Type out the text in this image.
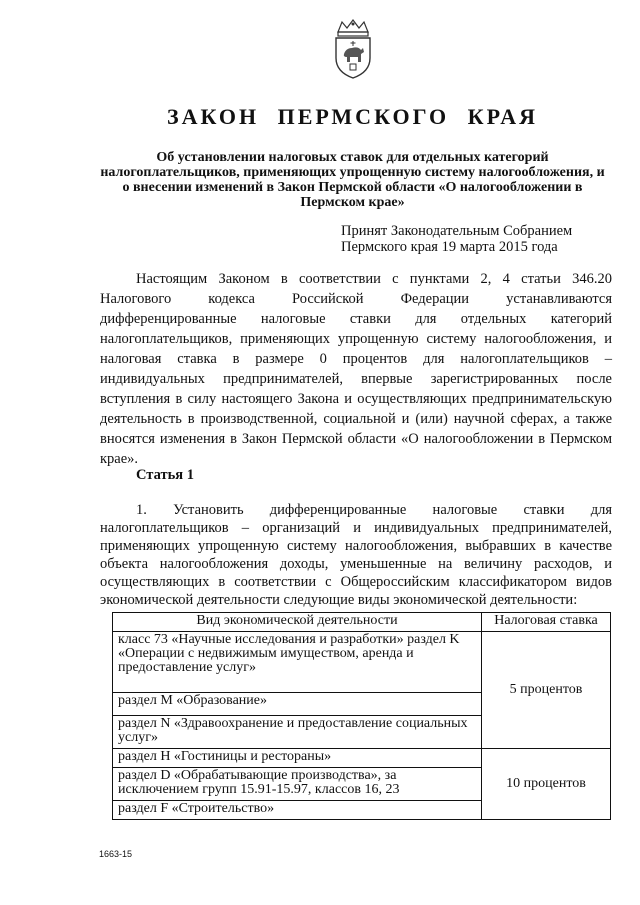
ЗАКОН ПЕРМСКОГО КРАЯ
Об установлении налоговых ставок для отдельных категорий налогоплательщиков, применяющих упрощенную систему налогообложения, и о внесении изменений в Закон Пермской области «О налогообложении в Пермском крае»
Принят Законодательным Собранием
Пермского края 19 марта 2015 года
Настоящим Законом в соответствии с пунктами 2, 4 статьи 346.20 Налогового кодекса Российской Федерации устанавливаются дифференцированные налоговые ставки для отдельных категорий налогоплательщиков, применяющих упрощенную систему налогообложения, и налоговая ставка в размере 0 процентов для налогоплательщиков – индивидуальных предпринимателей, впервые зарегистрированных после вступления в силу настоящего Закона и осуществляющих предпринимательскую деятельность в производственной, социальной и (или) научной сферах, а также вносятся изменения в Закон Пермской области «О налогообложении в Пермском крае».
Статья 1
1. Установить дифференцированные налоговые ставки для налогоплательщиков – организаций и индивидуальных предпринимателей, применяющих упрощенную систему налогообложения, выбравших в качестве объекта налогообложения доходы, уменьшенные на величину расходов, и осуществляющих в соответствии с Общероссийским классификатором видов экономической деятельности следующие виды экономической деятельности:
Вид экономической деятельности	Налоговая ставка
класс 73 «Научные исследования и разработки» раздел K «Операции с недвижимым имуществом, аренда и предоставление услуг»	5 процентов
раздел M «Образование»	
раздел N «Здравоохранение и предоставление социальных услуг»	
раздел H «Гостиницы и рестораны»	10 процентов
раздел D «Обрабатывающие производства», за исключением групп 15.91-15.97, классов 16, 23	
раздел F «Строительство»	
1663-15
